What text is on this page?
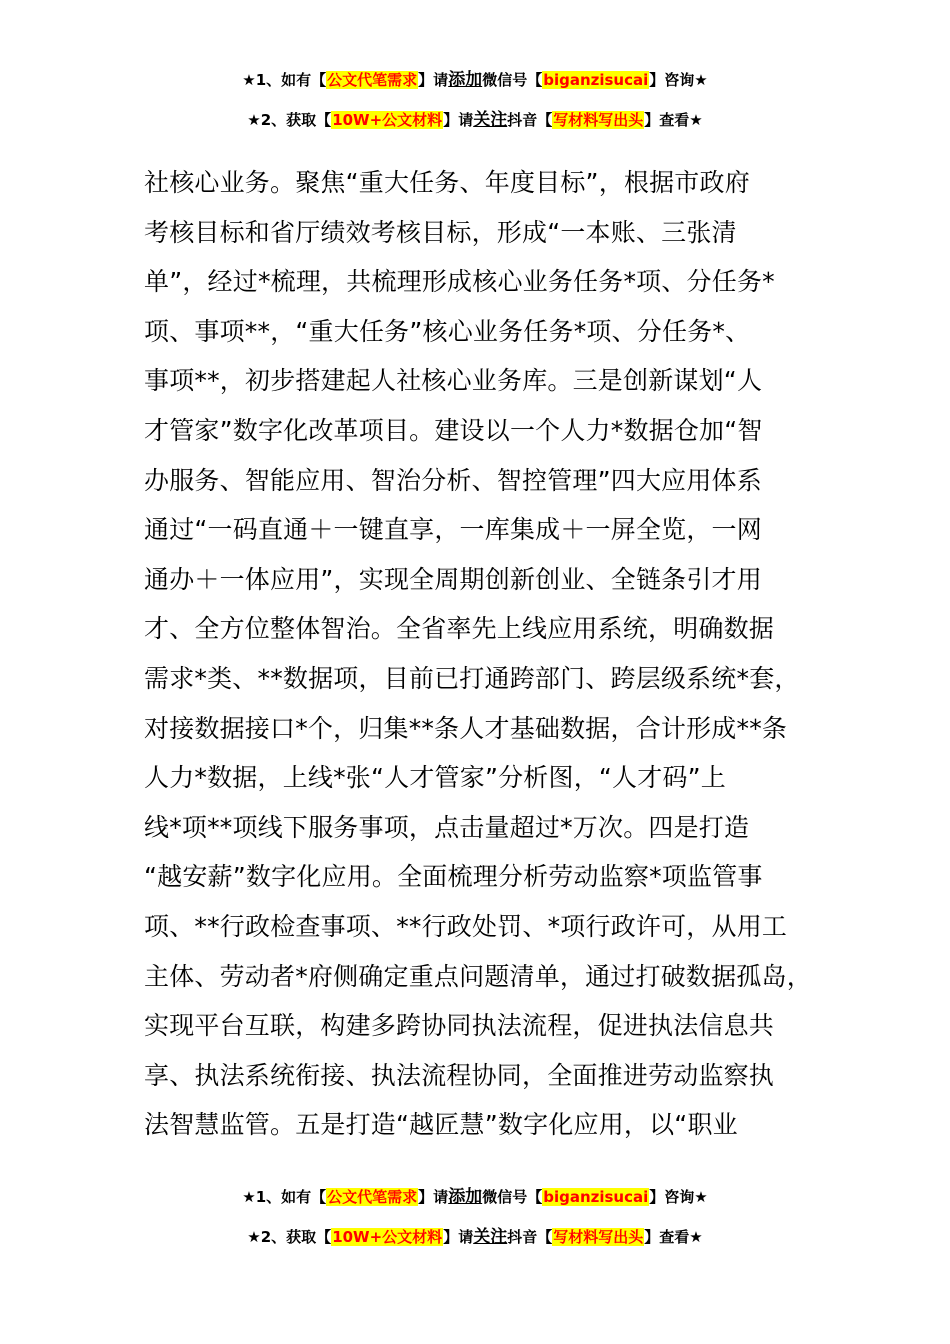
★1、如有【公文代笔需求】请添加微信号【biganzisucai】咨询★
★2、获取【10W+公文材料】请关注抖音【写材料写出头】查看★
社核心业务。聚焦“重大任务、年度目标”，根据市政府
考核目标和省厅绩效考核目标，形成“一本账、三张清
单”，经过*梳理，共梳理形成核心业务任务*项、分任务*
项、事项**，“重大任务”核心业务任务*项、分任务*、
事项**，初步搭建起人社核心业务库。三是创新谋划“人
才管家”数字化改革项目。建设以一个人力*数据仓加“智
办服务、智能应用、智治分析、智控管理”四大应用体系
通过“一码直通＋一键直享，一库集成＋一屏全览，一网
通办＋一体应用”，实现全周期创新创业、全链条引才用
才、全方位整体智治。全省率先上线应用系统，明确数据
需求*类、**数据项，目前已打通跨部门、跨层级系统*套，
对接数据接口*个，归集**条人才基础数据，合计形成**条
人力*数据，上线*张“人才管家”分析图，“人才码”上
线*项**项线下服务事项，点击量超过*万次。四是打造
“越安薪”数字化应用。全面梳理分析劳动监察*项监管事
项、**行政检查事项、**行政处罚、*项行政许可，从用工
主体、劳动者*府侧确定重点问题清单，通过打破数据孤岛，
实现平台互联，构建多跨协同执法流程，促进执法信息共
享、执法系统衔接、执法流程协同，全面推进劳动监察执
法智慧监管。五是打造“越匠慧”数字化应用，以“职业
★1、如有【公文代笔需求】请添加微信号【biganzisucai】咨询★
★2、获取【10W+公文材料】请关注抖音【写材料写出头】查看★
